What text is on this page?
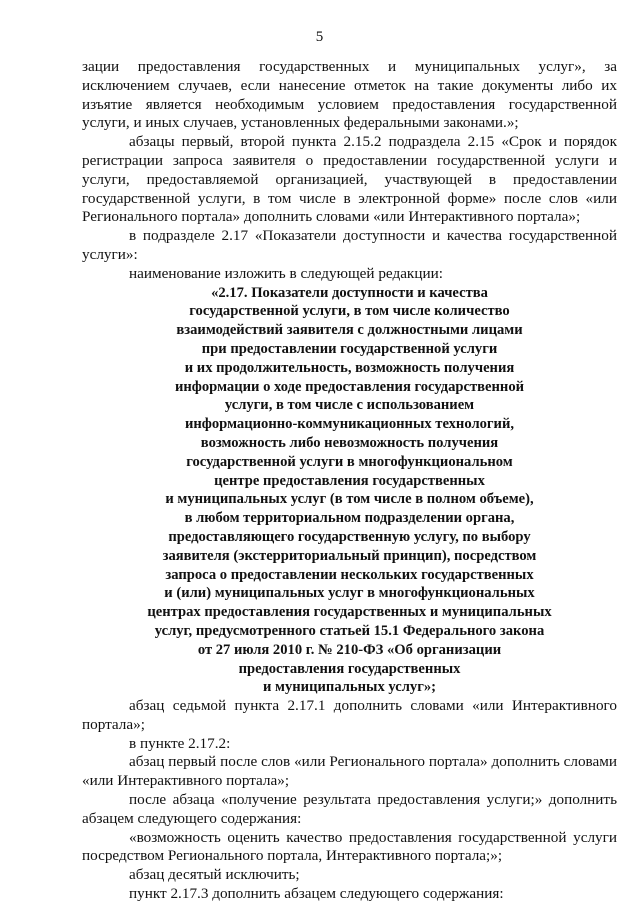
5

зации предоставления государственных и муниципальных услуг», за исключением случаев, если нанесение отметок на такие документы либо их изъятие является необходимым условием предоставления государственной услуги, и иных случаев, установленных федеральными законами.»;

абзацы первый, второй пункта 2.15.2 подраздела 2.15 «Срок и порядок регистрации запроса заявителя о предоставлении государственной услуги и услуги, предоставляемой организацией, участвующей в предоставлении государственной услуги, в том числе в электронной форме» после слов «или Регионального портала» дополнить словами «или Интерактивного портала»;

в подразделе 2.17 «Показатели доступности и качества государственной услуги»:

наименование изложить в следующей редакции:

«2.17. Показатели доступности и качества
государственной услуги, в том числе количество
взаимодействий заявителя с должностными лицами
при предоставлении государственной услуги
и их продолжительность, возможность получения
информации о ходе предоставления государственной
услуги, в том числе с использованием
информационно-коммуникационных технологий,
возможность либо невозможность получения
государственной услуги в многофункциональном
центре предоставления государственных
и муниципальных услуг (в том числе в полном объеме),
в любом территориальном подразделении органа,
предоставляющего государственную услугу, по выбору
заявителя (экстерриториальный принцип), посредством
запроса о предоставлении нескольких государственных
и (или) муниципальных услуг в многофункциональных
центрах предоставления государственных и муниципальных
услуг, предусмотренного статьей 15.1 Федерального закона
от 27 июля 2010 г. № 210-ФЗ «Об организации
предоставления государственных
и муниципальных услуг»;

абзац седьмой пункта 2.17.1 дополнить словами «или Интерактивного портала»;

в пункте 2.17.2:

абзац первый после слов «или Регионального портала» дополнить словами «или Интерактивного портала»;

после абзаца «получение результата предоставления услуги;» дополнить абзацем следующего содержания:

«возможность оценить качество предоставления государственной услуги посредством Регионального портала, Интерактивного портала;»;

абзац десятый исключить;

пункт 2.17.3 дополнить абзацем следующего содержания:
